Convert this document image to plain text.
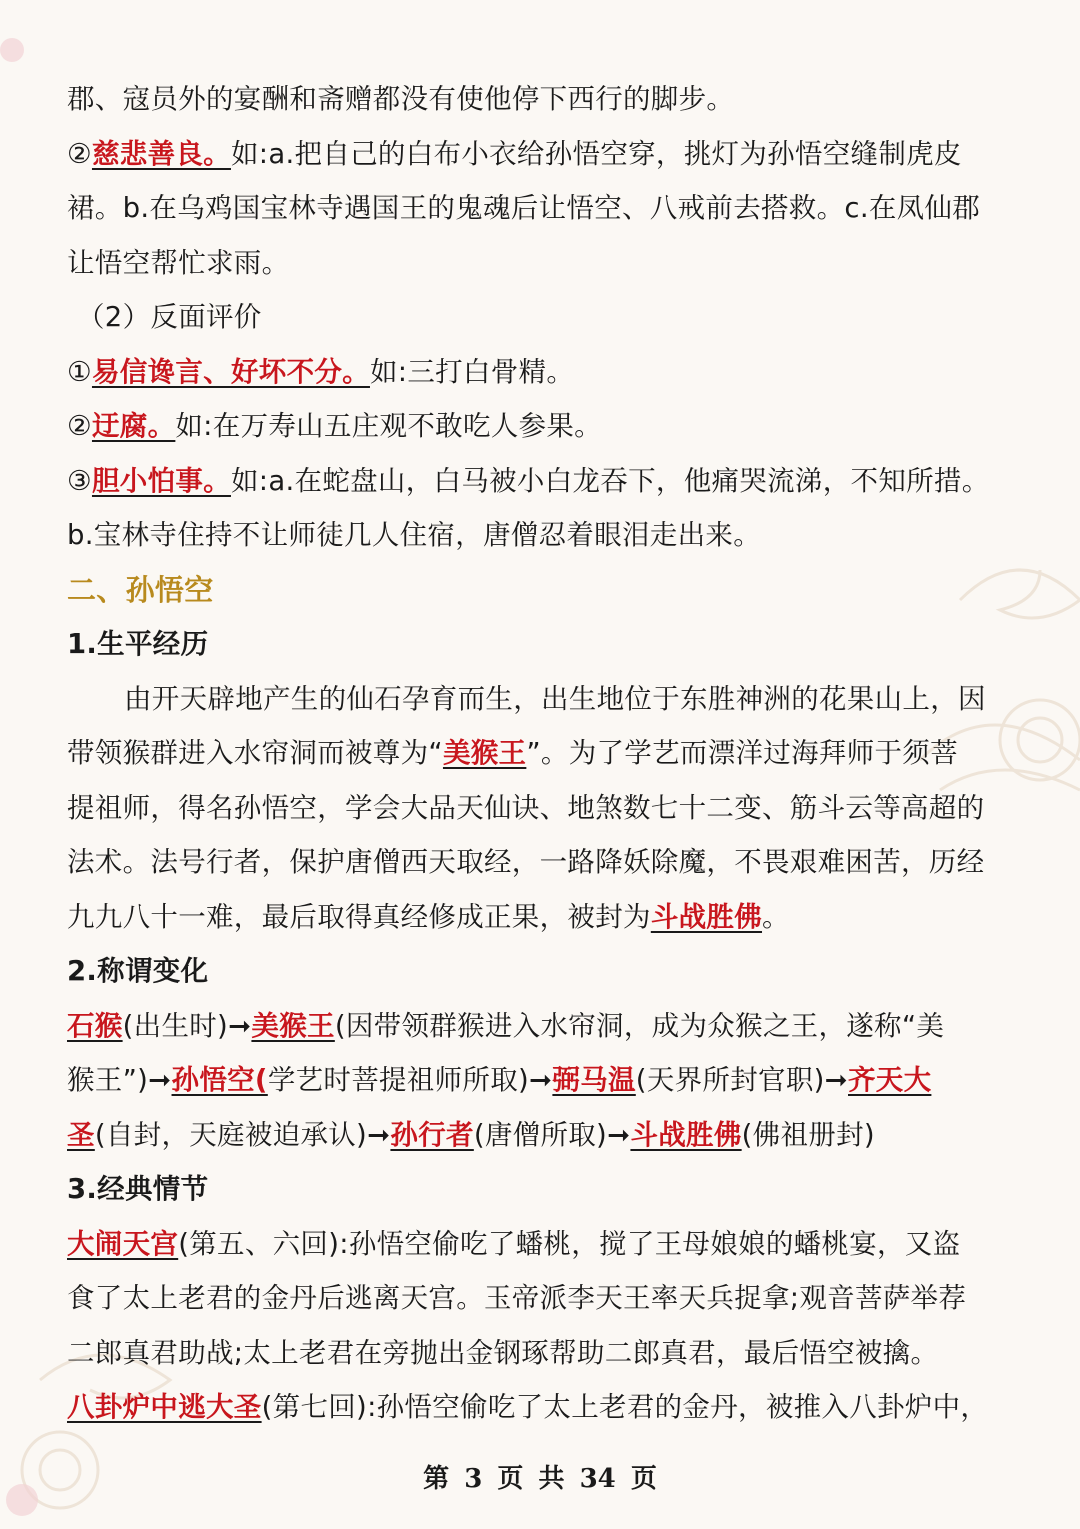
郡、寇员外的宴酬和斋赠都没有使他停下西行的脚步。
②慈悲善良。如:a.把自己的白布小衣给孙悟空穿，挑灯为孙悟空缝制虎皮
裙。b.在乌鸡国宝林寺遇国王的鬼魂后让悟空、八戒前去搭救。c.在凤仙郡
让悟空帮忙求雨。
（2）反面评价
①易信谗言、好坏不分。如:三打白骨精。
②迂腐。如:在万寿山五庄观不敢吃人参果。
③胆小怕事。如:a.在蛇盘山，白马被小白龙吞下，他痛哭流涕，不知所措。
b.宝林寺住持不让师徒几人住宿，唐僧忍着眼泪走出来。
二、孙悟空
1.生平经历
由开天辟地产生的仙石孕育而生，出生地位于东胜神洲的花果山上，因
带领猴群进入水帘洞而被尊为“美猴王”。为了学艺而漂洋过海拜师于须菩
提祖师，得名孙悟空，学会大品天仙诀、地煞数七十二变、筋斗云等高超的
法术。法号行者，保护唐僧西天取经，一路降妖除魔，不畏艰难困苦，历经
九九八十一难，最后取得真经修成正果，被封为斗战胜佛。
2.称谓变化
石猴(出生时)➞美猴王(因带领群猴进入水帘洞，成为众猴之王，遂称“美
猴王”)➞孙悟空(学艺时菩提祖师所取)➞弼马温(天界所封官职)➞齐天大
圣(自封，天庭被迫承认)➞孙行者(唐僧所取)➞斗战胜佛(佛祖册封)
3.经典情节
大闹天宫(第五、六回):孙悟空偷吃了蟠桃，搅了王母娘娘的蟠桃宴，又盗
食了太上老君的金丹后逃离天宫。玉帝派李天王率天兵捉拿;观音菩萨举荐
二郎真君助战;太上老君在旁抛出金钢琢帮助二郎真君，最后悟空被擒。
八卦炉中逃大圣(第七回):孙悟空偷吃了太上老君的金丹，被推入八卦炉中，
第 3 页 共 34 页
